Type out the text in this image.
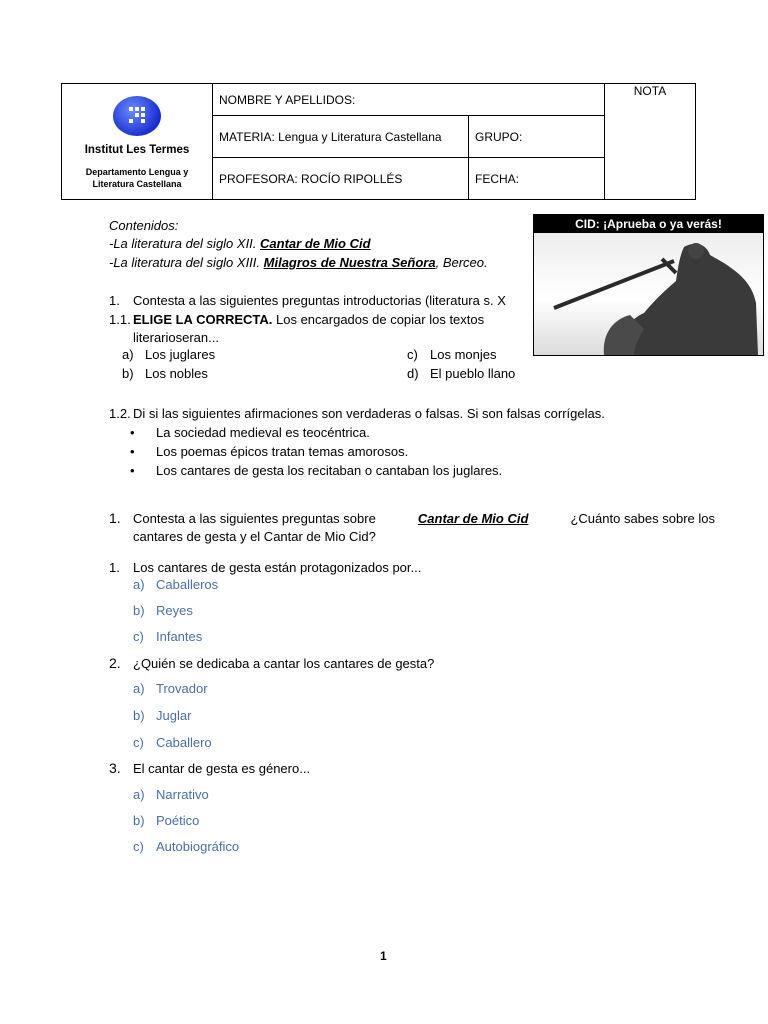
Institut Les Termes
Departamento Lengua y
Literatura Castellana	NOMBRE Y APELLIDOS:		NOTA
	MATERIA: Lengua y Literatura Castellana	GRUPO:	
	PROFESORA: ROCÍO RIPOLLÉS	FECHA:	
CID: ¡Aprueba o ya verás!
Contenidos:
-La literatura del siglo XII. Cantar de Mio Cid
-La literatura del siglo XIII. Milagros de Nuestra Señora, Berceo.
1. Contesta a las siguientes preguntas introductorias (literatura s. X
1.1. ELIGE LA CORRECTA. Los encargados de copiar los textos
literarioseran...
a) Los juglares
b) Los nobles
c) Los monjes
d) El pueblo llano
1.2. Di si las siguientes afirmaciones son verdaderas o falsas. Si son falsas corrígelas.
• La sociedad medieval es teocéntrica.
• Los poemas épicos tratan temas amorosos.
• Los cantares de gesta los recitaban o cantaban los juglares.
1. Contesta a las siguientes preguntas sobre	Cantar de Mio Cid	¿Cuánto sabes sobre los
cantares de gesta y el Cantar de Mio Cid?
1. Los cantares de gesta están protagonizados por...
a) Caballeros
b) Reyes
c) Infantes
2. ¿Quién se dedicaba a cantar los cantares de gesta?
a) Trovador
b) Juglar
c) Caballero
3. El cantar de gesta es género...
a) Narrativo
b) Poético
c) Autobiográfico
1
